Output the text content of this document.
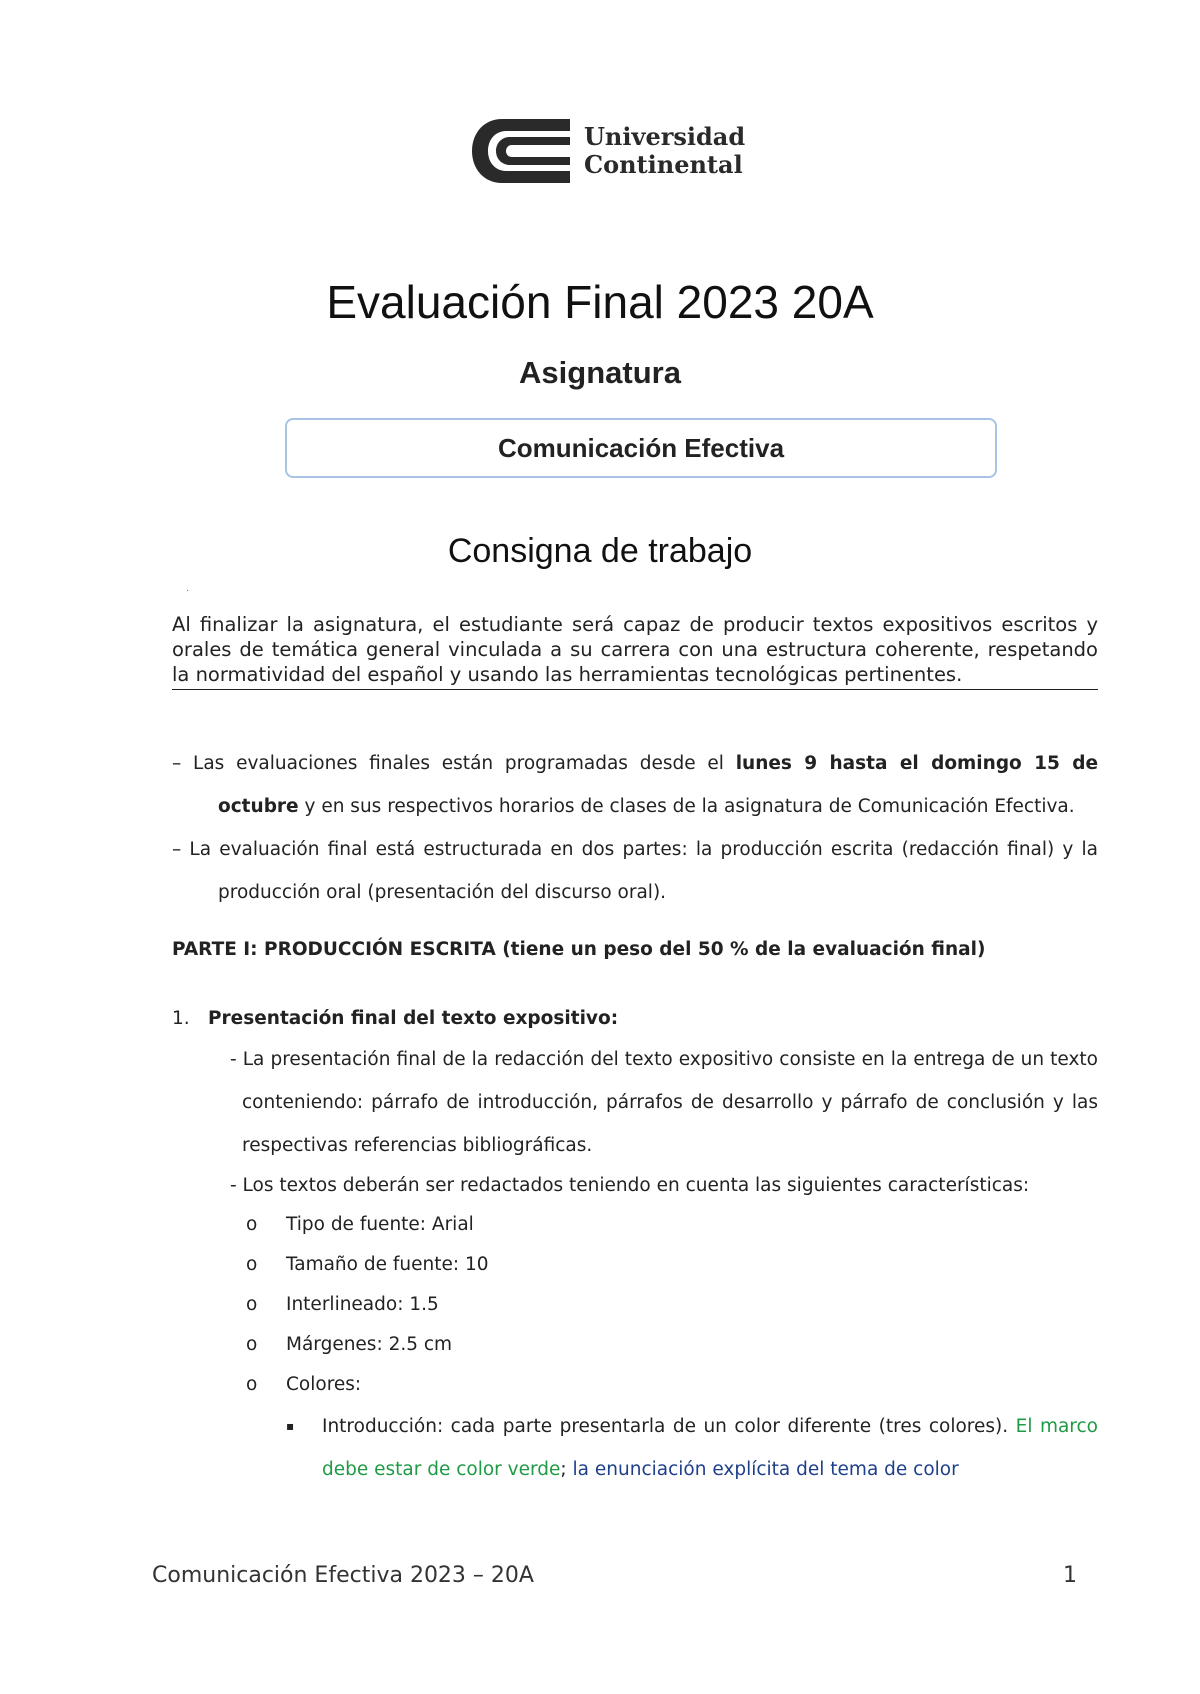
Universidad
Continental
Evaluación Final 2023 20A
Asignatura
Comunicación Efectiva
Consigna de trabajo
.
Al finalizar la asignatura, el estudiante será capaz de producir textos expositivos escritos y orales de temática general vinculada a su carrera con una estructura coherente, respetando la normatividad del español y usando las herramientas tecnológicas pertinentes.
– Las evaluaciones finales están programadas desde el lunes 9 hasta el domingo 15 de octubre y en sus respectivos horarios de clases de la asignatura de Comunicación Efectiva.
– La evaluación final está estructurada en dos partes: la producción escrita (redacción final) y la producción oral (presentación del discurso oral).
PARTE I: PRODUCCIÓN ESCRITA (tiene un peso del 50 % de la evaluación final)
1. Presentación final del texto expositivo:
- La presentación final de la redacción del texto expositivo consiste en la entrega de un texto conteniendo: párrafo de introducción, párrafos de desarrollo y párrafo de conclusión y las respectivas referencias bibliográficas.
- Los textos deberán ser redactados teniendo en cuenta las siguientes características:
o Tipo de fuente: Arial
o Tamaño de fuente: 10
o Interlineado: 1.5
o Márgenes: 2.5 cm
o Colores:
▪ Introducción: cada parte presentarla de un color diferente (tres colores). El marco debe estar de color verde; la enunciación explícita del tema de color
Comunicación Efectiva 2023 – 20A	1
